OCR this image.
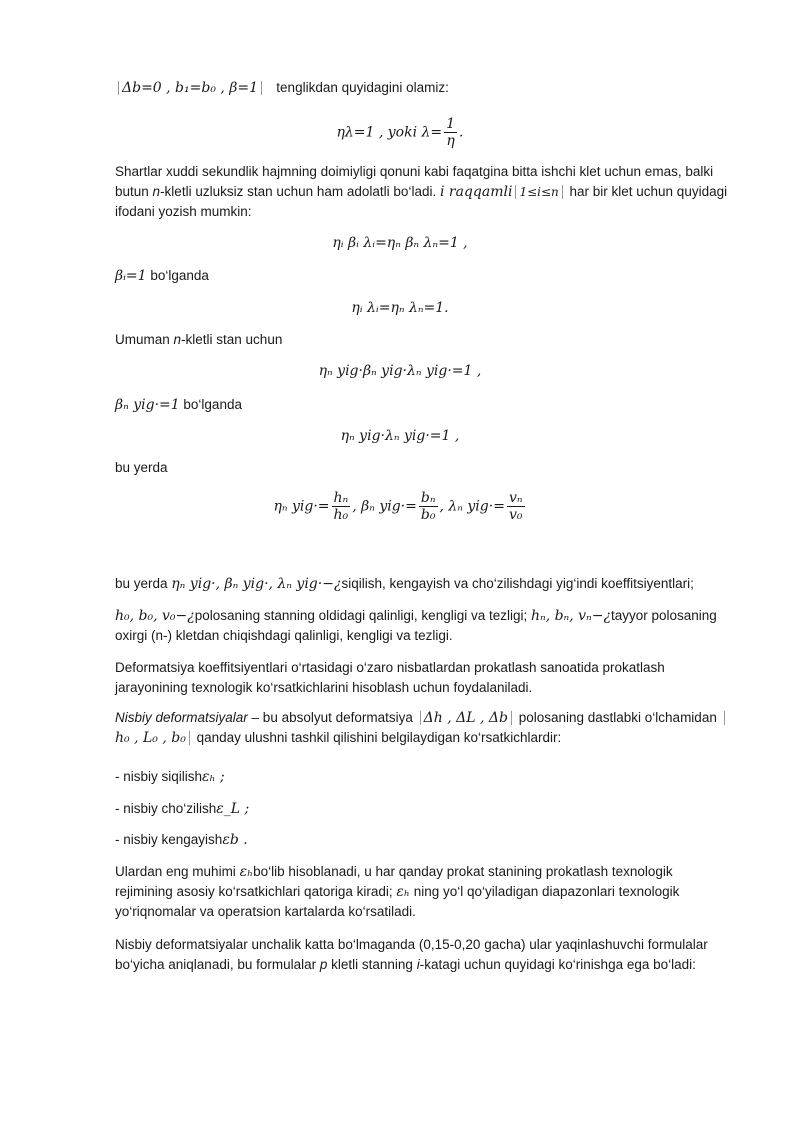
Δb=0 , b₁=b₀ , β=1 tenglikdan quyidagini olamiz:
ηλ=1 , yoki $\lambda= \frac{1}{\eta}$ .
Shartlar xuddi sekundlik hajmning doimiyligi qonuni kabi faqatgina bitta ishchi klet uchun emas, balki butun n-kletli uzluksiz stan uchun ham adolatli bo‘ladi. i raqqamli 1≤i≤n har bir klet uchun quyidagi ifodani yozish mumkin:
ηᵢ βᵢ λᵢ=ηₙ βₙ λₙ=1 ,
βᵢ=1 bo‘lganda
ηᵢ λᵢ=ηₙ λₙ=1.
Umuman n-kletli stan uchun
ηₙ yig·βₙ yig·λₙ yig·=1 ,
βₙ yig·=1 bo‘lganda
ηₙ yig·λₙ yig·=1 ,
bu yerda
ηₙ $yig\cdot= \frac{\text{hₙ}}{\text{h₀}}$ , βₙ $yig\cdot= \frac{\text{bₙ}}{\text{b₀}}$ , λₙ $yig\cdot= \frac{\text{vₙ}}{\text{v₀}}$
bu yerda ηₙ yig·, βₙ yig·, λₙ yig·−¿siqilish, kengayish va cho‘zilishdagi yig‘indi koeffitsiyentlari;
h₀, b₀, v₀−¿polosaning stanning oldidagi qalinligi, kengligi va tezligi; hₙ, bₙ, vₙ−¿tayyor polosaning oxirgi (n-) kletdan chiqishdagi qalinligi, kengligi va tezligi.
Deformatsiya koeffitsiyentlari o‘rtasidagi o‘zaro nisbatlardan prokatlash sanoatida prokatlash jarayonining texnologik ko‘rsatkichlarini hisoblash uchun foydalaniladi.
Nisbiy deformatsiyalar – bu absolyut deformatsiya Δh , ΔL , Δb polosaning dastlabki o‘lchamidan h₀ , L₀ , b₀ qanday ulushni tashkil qilishini belgilaydigan ko‘rsatkichlardir:
- nisbiy siqilishεₕ ;
- nisbiy cho‘zilishε_L ;
- nisbiy kengayishεb .
Ulardan eng muhimi εₕbo‘lib hisoblanadi, u har qanday prokat stanining prokatlash texnologik rejimining asosiy ko‘rsatkichlari qatoriga kiradi; εₕ ning yo‘l qo‘yiladigan diapazonlari texnologik yo‘riqnomalar va operatsion kartalarda ko‘rsatiladi.
Nisbiy deformatsiyalar unchalik katta bo‘lmaganda (0,15-0,20 gacha) ular yaqinlashuvchi formulalar bo‘yicha aniqlanadi, bu formulalar p kletli stanning i-katagi uchun quyidagi ko‘rinishga ega bo‘ladi:
